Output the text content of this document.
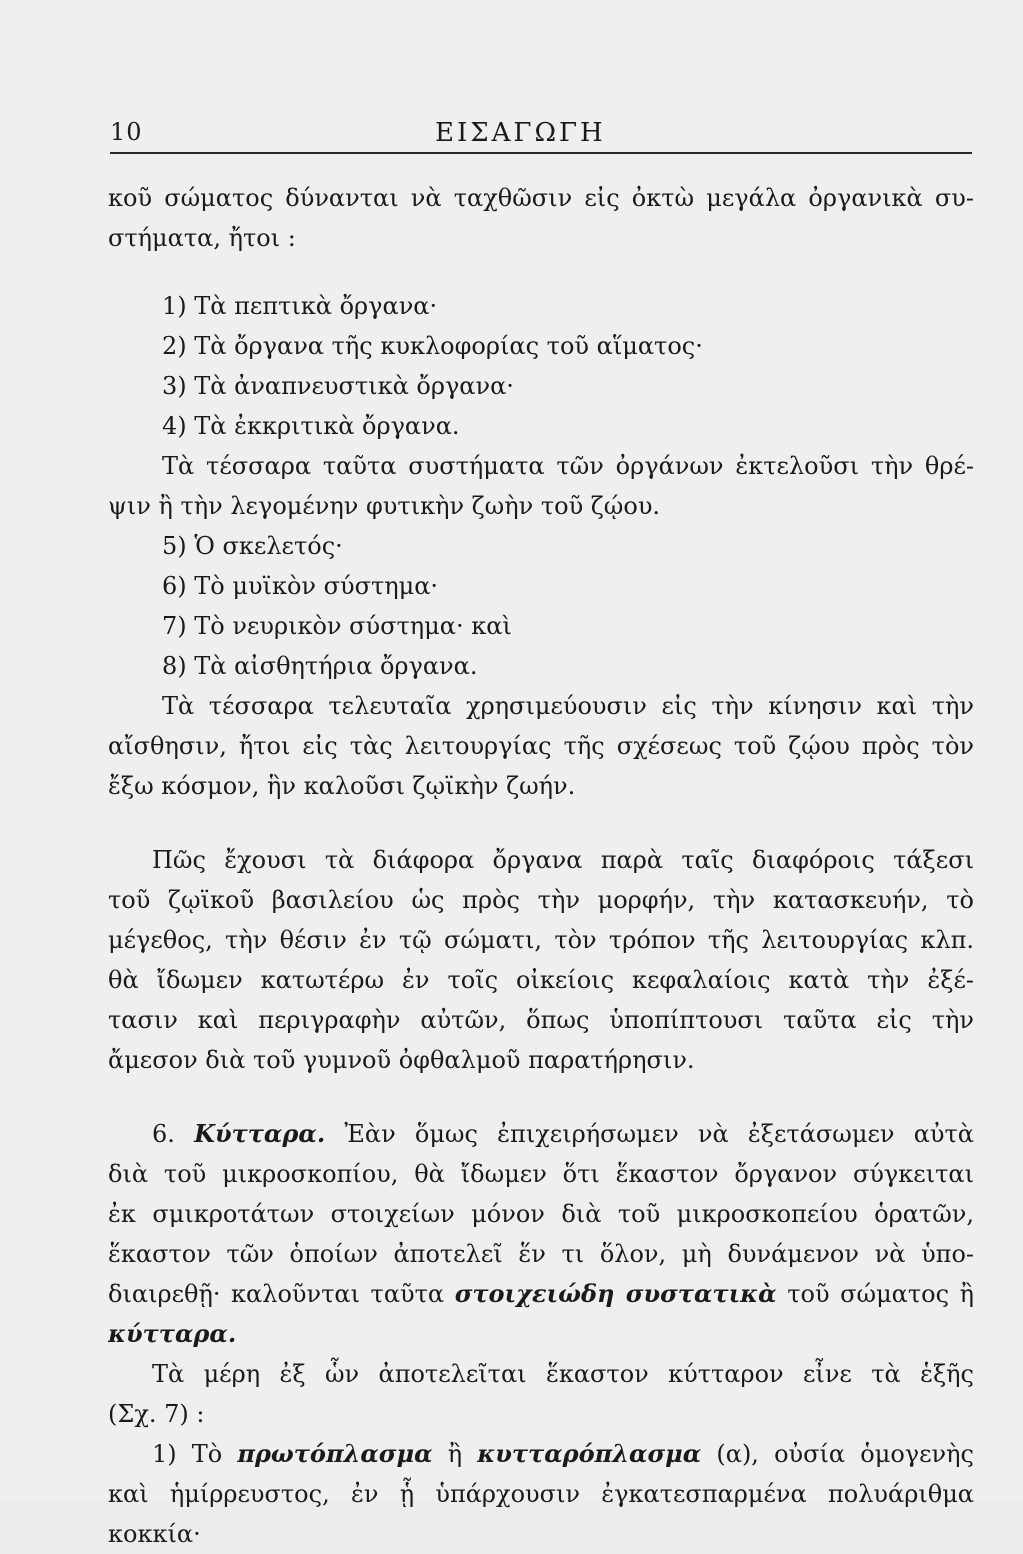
10	ΕΙΣΑΓΩΓΗ
κοῦ σώματος δύνανται νὰ ταχθῶσιν εἰς ὀκτὼ μεγάλα ὀργανικὰ συ-
στήματα, ἤτοι :
1) Τὰ πεπτικὰ ὄργανα·
2) Τὰ ὄργανα τῆς κυκλοφορίας τοῦ αἵματος·
3) Τὰ ἀναπνευστικὰ ὄργανα·
4) Τὰ ἐκκριτικὰ ὄργανα.
Τὰ τέσσαρα ταῦτα συστήματα τῶν ὀργάνων ἐκτελοῦσι τὴν θρέ-
ψιν ἢ τὴν λεγομένην φυτικὴν ζωὴν τοῦ ζῴου.
5) Ὁ σκελετός·
6) Τὸ μυϊκὸν σύστημα·
7) Τὸ νευρικὸν σύστημα· καὶ
8) Τὰ αἰσθητήρια ὄργανα.
Τὰ τέσσαρα τελευταῖα χρησιμεύουσιν εἰς τὴν κίνησιν καὶ τὴν
αἴσθησιν, ἤτοι εἰς τὰς λειτουργίας τῆς σχέσεως τοῦ ζῴου πρὸς τὸν
ἔξω κόσμον, ἣν καλοῦσι ζῳϊκὴν ζωήν.
Πῶς ἔχουσι τὰ διάφορα ὄργανα παρὰ ταῖς διαφόροις τάξεσι
τοῦ ζῳϊκοῦ βασιλείου ὡς πρὸς τὴν μορφήν, τὴν κατασκευήν, τὸ
μέγεθος, τὴν θέσιν ἐν τῷ σώματι, τὸν τρόπον τῆς λειτουργίας κλπ.
θὰ ἴδωμεν κατωτέρω ἐν τοῖς οἰκείοις κεφαλαίοις κατὰ τὴν ἐξέ-
τασιν καὶ περιγραφὴν αὐτῶν, ὅπως ὑποπίπτουσι ταῦτα εἰς τὴν
ἄμεσον διὰ τοῦ γυμνοῦ ὀφθαλμοῦ παρατήρησιν.
6. Κύτταρα. Ἐὰν ὅμως ἐπιχειρήσωμεν νὰ ἐξετάσωμεν αὐτὰ
διὰ τοῦ μικροσκοπίου, θὰ ἴδωμεν ὅτι ἕκαστον ὄργανον σύγκειται
ἐκ σμικροτάτων στοιχείων μόνον διὰ τοῦ μικροσκοπείου ὁρατῶν,
ἕκαστον τῶν ὁποίων ἀποτελεῖ ἕν τι ὅλον, μὴ δυνάμενον νὰ ὑπο-
διαιρεθῇ· καλοῦνται ταῦτα στοιχειώδη συστατικὰ τοῦ σώματος ἢ
κύτταρα.
Τὰ μέρη ἐξ ὧν ἀποτελεῖται ἕκαστον κύτταρον εἶνε τὰ ἑξῆς
(Σχ. 7) :
1) Τὸ πρωτόπλασμα ἢ κυτταρόπλασμα (α), οὐσία ὁμογενὴς
καὶ ἡμίρρευστος, ἐν ᾗ ὑπάρχουσιν ἐγκατεσπαρμένα πολυάριθμα
κοκκία·
